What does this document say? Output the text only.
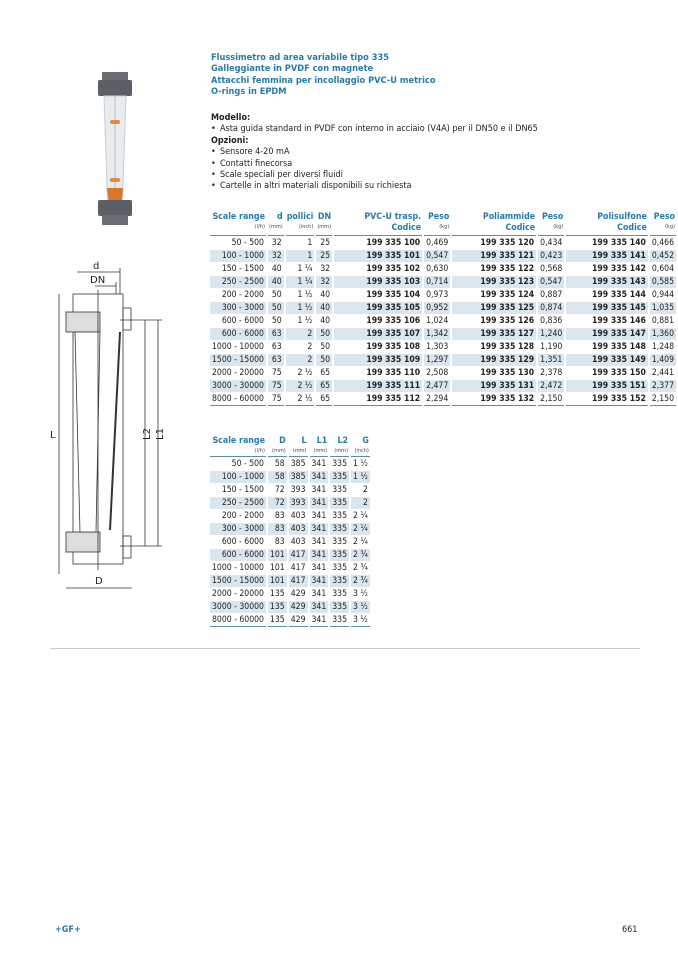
Flussimetro ad area variabile tipo 335
Galleggiante in PVDF con magnete
Attacchi femmina per incollaggio PVC-U metrico
O-rings in EPDM
Modello:
• Asta guida standard in PVDF con interno in acciaio (V4A) per il DN50 e il DN65
Opzioni:
• Sensore 4-20 mA
• Contatti finecorsa
• Scale speciali per diversi fluidi
• Cartelle in altri materiali disponibili su richiesta
d
DN
L	L2 L1
D
Scale range
(l/h)	d
(mm)	pollici
(inch)	DN
(mm)	PVC-U trasp. Codice	Peso
(kg)	Poliammide Codice	Peso
(kg)	Polisulfone Codice	Peso
(kg)

50 - 500	32	1	25	199 335 100	0,469	199 335 120	0,434	199 335 140	0,466
100 - 1000	32	1	25	199 335 101	0,547	199 335 121	0,423	199 335 141	0,452
150 - 1500	40	1 ¼	32	199 335 102	0,630	199 335 122	0,568	199 335 142	0,604
250 - 2500	40	1 ¼	32	199 335 103	0,714	199 335 123	0,547	199 335 143	0,585
200 - 2000	50	1 ½	40	199 335 104	0,973	199 335 124	0,887	199 335 144	0,944
300 - 3000	50	1 ½	40	199 335 105	0,952	199 335 125	0,874	199 335 145	1,035
600 - 6000	50	1 ½	40	199 335 106	1,024	199 335 126	0,836	199 335 146	0,881
600 - 6000	63	2	50	199 335 107	1,342	199 335 127	1,240	199 335 147	1,360
1000 - 10000	63	2	50	199 335 108	1,303	199 335 128	1,190	199 335 148	1,248
1500 - 15000	63	2	50	199 335 109	1,297	199 335 129	1,351	199 335 149	1,409
2000 - 20000	75	2 ½	65	199 335 110	2,508	199 335 130	2,378	199 335 150	2,441
3000 - 30000	75	2 ½	65	199 335 111	2,477	199 335 131	2,472	199 335 151	2,377
8000 - 60000	75	2 ½	65	199 335 112	2,294	199 335 132	2,150	199 335 152	2,150
Scale range
(l/h)	D
(mm)	L
(mm)	L1
(mm)	L2
(mm)	G
(inch)

50 - 500	58	385	341	335	1 ½
100 - 1000	58	385	341	335	1 ½
150 - 1500	72	393	341	335	2
250 - 2500	72	393	341	335	2
200 - 2000	83	403	341	335	2 ¼
300 - 3000	83	403	341	335	2 ¼
600 - 6000	83	403	341	335	2 ¼
600 - 6000	101	417	341	335	2 ¾
1000 - 10000	101	417	341	335	2 ¾
1500 - 15000	101	417	341	335	2 ¾
2000 - 20000	135	429	341	335	3 ½
3000 - 30000	135	429	341	335	3 ½
8000 - 60000	135	429	341	335	3 ½
+GF+	661
